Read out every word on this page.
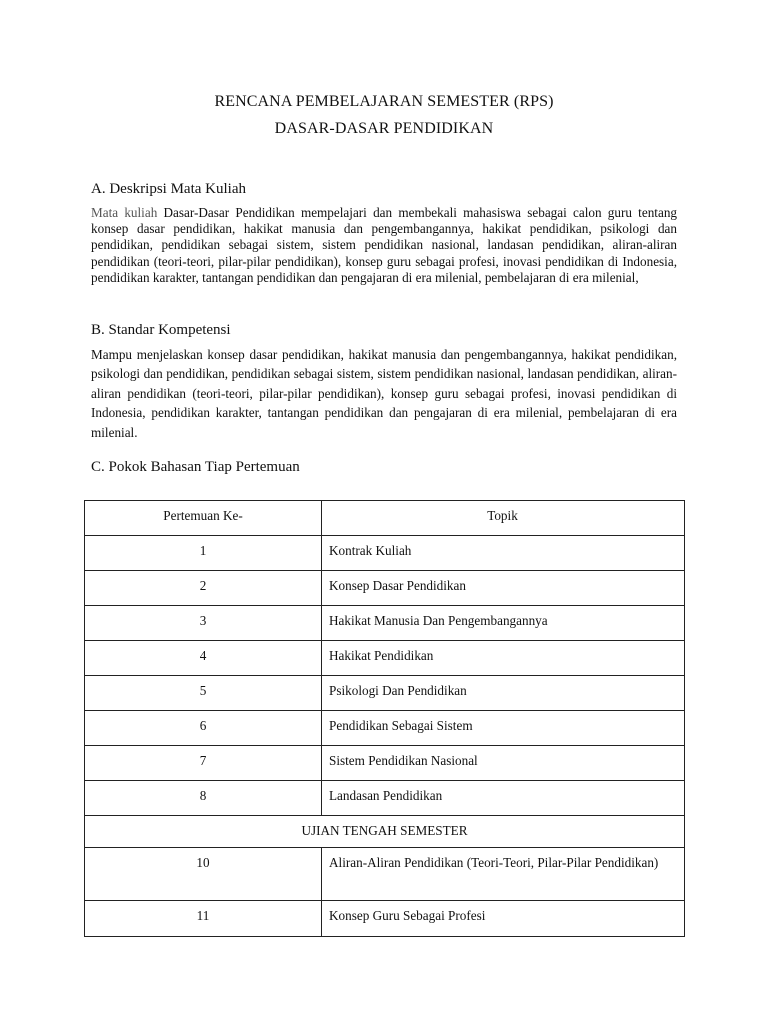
RENCANA PEMBELAJARAN SEMESTER (RPS)
DASAR-DASAR PENDIDIKAN
A. Deskripsi Mata Kuliah

Mata kuliah Dasar-Dasar Pendidikan mempelajari dan membekali mahasiswa sebagai calon guru tentang konsep dasar pendidikan, hakikat manusia dan pengembangannya, hakikat pendidikan, psikologi dan pendidikan, pendidikan sebagai sistem, sistem pendidikan nasional, landasan pendidikan, aliran-aliran pendidikan (teori-teori, pilar-pilar pendidikan), konsep guru sebagai profesi, inovasi pendidikan di Indonesia, pendidikan karakter, tantangan pendidikan dan pengajaran di era milenial, pembelajaran di era milenial,

B. Standar Kompetensi

Mampu menjelaskan konsep dasar pendidikan, hakikat manusia dan pengembangannya, hakikat pendidikan, psikologi dan pendidikan, pendidikan sebagai sistem, sistem pendidikan nasional, landasan pendidikan, aliran-aliran pendidikan (teori-teori, pilar-pilar pendidikan), konsep guru sebagai profesi, inovasi pendidikan di Indonesia, pendidikan karakter, tantangan pendidikan dan pengajaran di era milenial, pembelajaran di era milenial.

C. Pokok Bahasan Tiap Pertemuan
Pertemuan Ke-	Topik
1	Kontrak Kuliah
2	Konsep Dasar Pendidikan
3	Hakikat Manusia Dan Pengembangannya
4	Hakikat Pendidikan
5	Psikologi Dan Pendidikan
6	Pendidikan Sebagai Sistem
7	Sistem Pendidikan Nasional
8	Landasan Pendidikan
UJIAN TENGAH SEMESTER	
10	Aliran-Aliran Pendidikan (Teori-Teori, Pilar-Pilar Pendidikan)
11	Konsep Guru Sebagai Profesi
